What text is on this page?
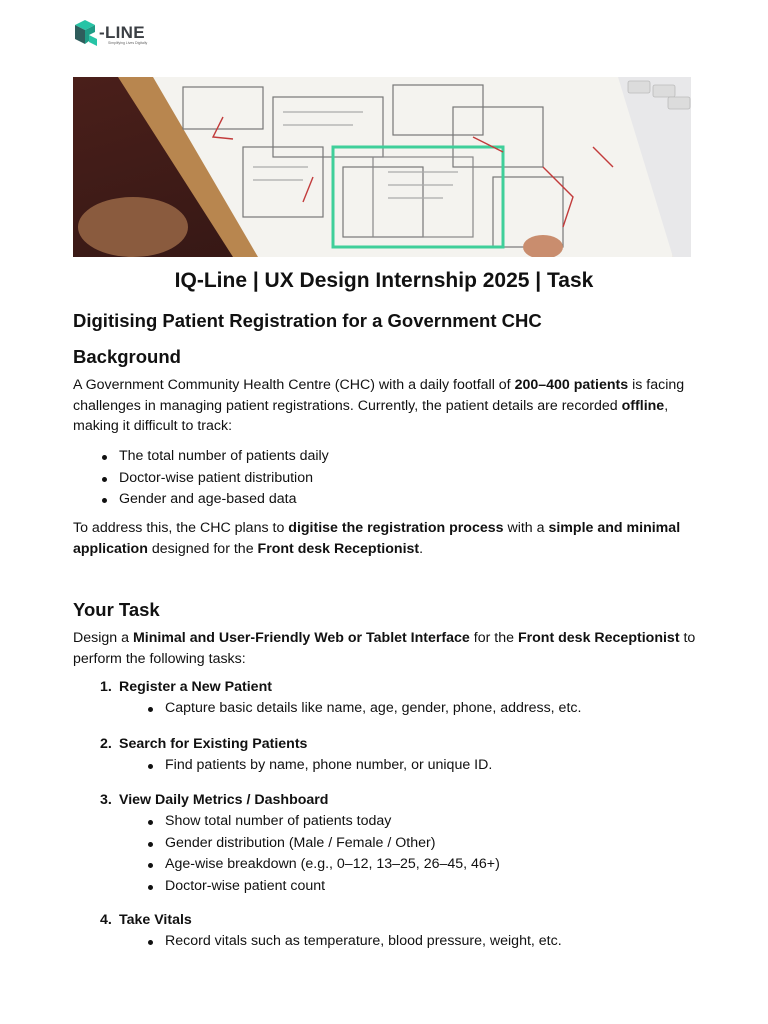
-LINE
Simplifying Lives Digitally
IQ-Line | UX Design Internship 2025 | Task
Digitising Patient Registration for a Government CHC
Background

A Government Community Health Centre (CHC) with a daily footfall of 200–400 patients is facing challenges in managing patient registrations. Currently, the patient details are recorded offline, making it difficult to track:

The total number of patients daily
Doctor-wise patient distribution
Gender and age-based data

To address this, the CHC plans to digitise the registration process with a simple and minimal application designed for the Front desk Receptionist.

Your Task

Design a Minimal and User-Friendly Web or Tablet Interface for the Front desk Receptionist to perform the following tasks:

1. Register a New Patient
Capture basic details like name, age, gender, phone, address, etc.
2. Search for Existing Patients
Find patients by name, phone number, or unique ID.
3. View Daily Metrics / Dashboard
Show total number of patients today
Gender distribution (Male / Female / Other)
Age-wise breakdown (e.g., 0–12, 13–25, 26–45, 46+)
Doctor-wise patient count
4. Take Vitals
Record vitals such as temperature, blood pressure, weight, etc.
